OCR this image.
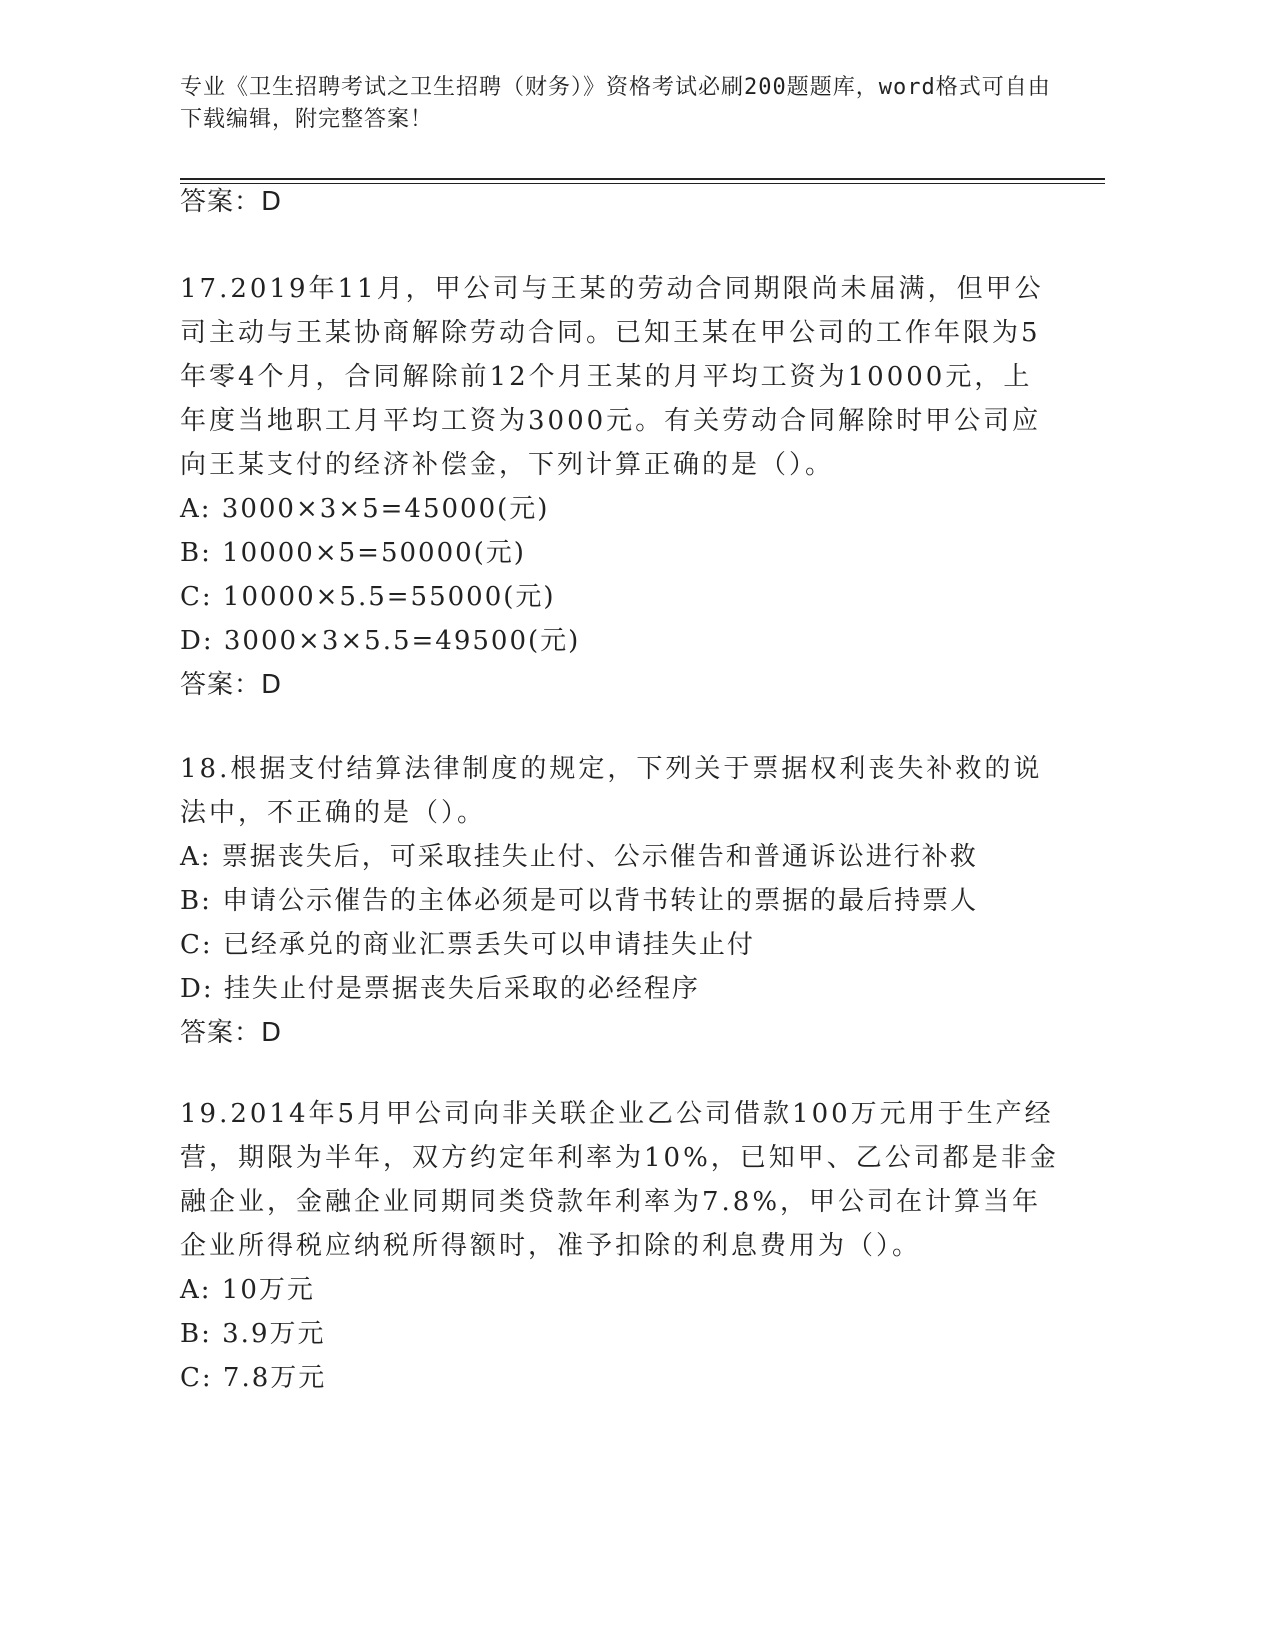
专业《卫生招聘考试之卫生招聘（财务）》资格考试必刷200题题库，word格式可自由下载编辑，附完整答案！
答案：D

17.2019年11月，甲公司与王某的劳动合同期限尚未届满，但甲公司主动与王某协商解除劳动合同。已知王某在甲公司的工作年限为5年零4个月，合同解除前12个月王某的月平均工资为10000元，上年度当地职工月平均工资为3000元。有关劳动合同解除时甲公司应向王某支付的经济补偿金，下列计算正确的是（）。

A: 3000×3×5=45000(元)
B: 10000×5=50000(元)
C: 10000×5.5=55000(元)
D: 3000×3×5.5=49500(元)
答案：D

18.根据支付结算法律制度的规定，下列关于票据权利丧失补救的说法中，不正确的是（）。

A: 票据丧失后，可采取挂失止付、公示催告和普通诉讼进行补救
B: 申请公示催告的主体必须是可以背书转让的票据的最后持票人
C: 已经承兑的商业汇票丢失可以申请挂失止付
D: 挂失止付是票据丧失后采取的必经程序
答案：D

19.2014年5月甲公司向非关联企业乙公司借款100万元用于生产经营，期限为半年，双方约定年利率为10%，已知甲、乙公司都是非金融企业，金融企业同期同类贷款年利率为7.8%，甲公司在计算当年企业所得税应纳税所得额时，准予扣除的利息费用为（）。

A: 10万元
B: 3.9万元
C: 7.8万元
